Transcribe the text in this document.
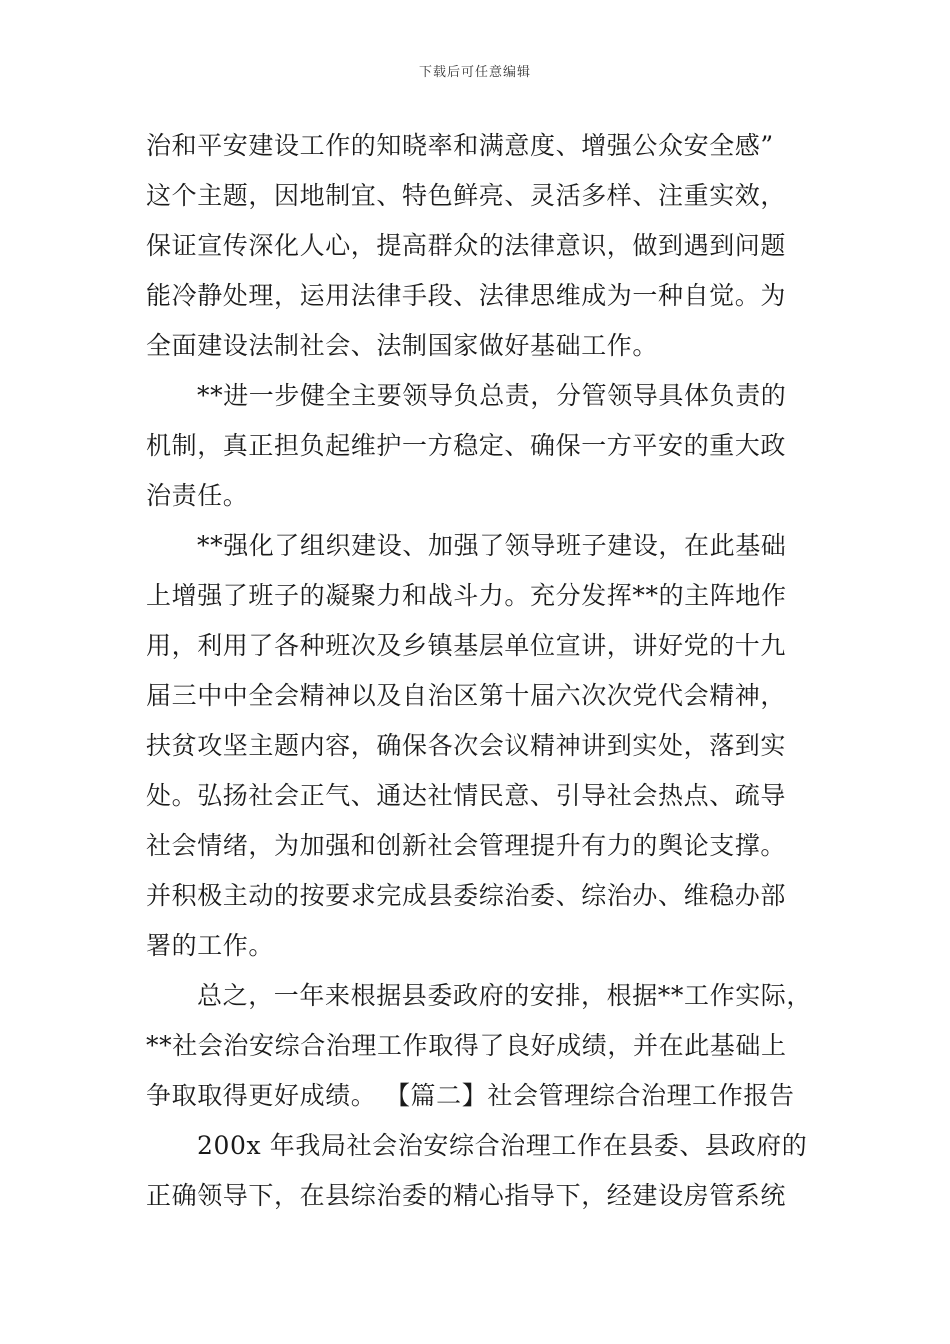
下载后可任意编辑
治和平安建设工作的知晓率和满意度、增强公众安全感”
这个主题，因地制宜、特色鲜亮、灵活多样、注重实效，
保证宣传深化人心，提高群众的法律意识，做到遇到问题
能冷静处理，运用法律手段、法律思维成为一种自觉。为
全面建设法制社会、法制国家做好基础工作。
**进一步健全主要领导负总责，分管领导具体负责的
机制，真正担负起维护一方稳定、确保一方平安的重大政
治责任。
**强化了组织建设、加强了领导班子建设，在此基础
上增强了班子的凝聚力和战斗力。充分发挥**的主阵地作
用，利用了各种班次及乡镇基层单位宣讲，讲好党的十九
届三中中全会精神以及自治区第十届六次次党代会精神，
扶贫攻坚主题内容，确保各次会议精神讲到实处，落到实
处。弘扬社会正气、通达社情民意、引导社会热点、疏导
社会情绪，为加强和创新社会管理提升有力的舆论支撑。
并积极主动的按要求完成县委综治委、综治办、维稳办部
署的工作。
总之，一年来根据县委政府的安排，根据**工作实际，
**社会治安综合治理工作取得了良好成绩，并在此基础上
争取取得更好成绩。 【篇二】社会管理综合治理工作报告
200x 年我局社会治安综合治理工作在县委、县政府的
正确领导下，在县综治委的精心指导下，经建设房管系统
